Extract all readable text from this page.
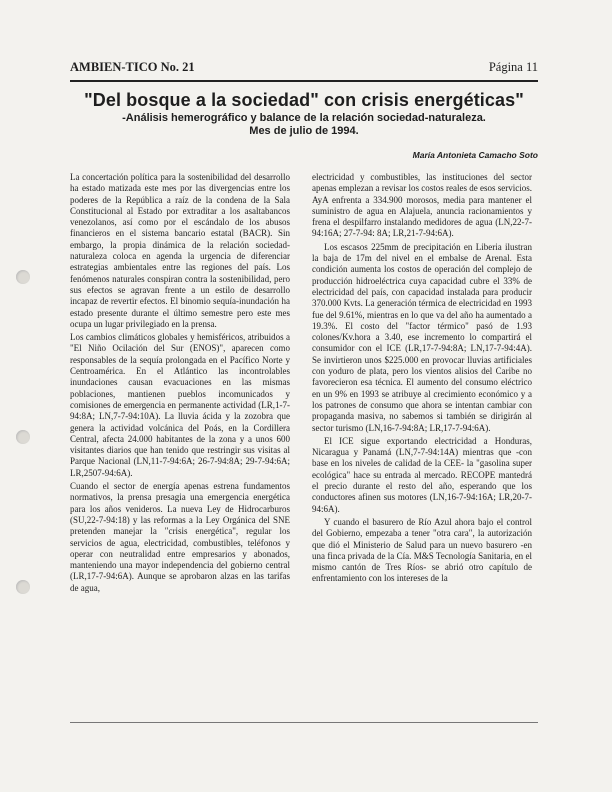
AMBIEN-TICO No. 21	Página 11
"Del bosque a la sociedad" con crisis energéticas"
-Análisis hemerográfico y balance de la relación sociedad-naturaleza.
Mes de julio de 1994.
María Antonieta Camacho Soto

La concertación política para la sostenibilidad del desarrollo ha estado matizada este mes por las divergencias entre los poderes de la República a raíz de la condena de la Sala Constitucional al Estado por extraditar a los asaltabancos venezolanos, así como por el escándalo de los abusos financieros en el sistema bancario estatal (BACR). Sin embargo, la propia dinámica de la relación sociedad-naturaleza coloca en agenda la urgencia de diferenciar estrategias ambientales entre las regiones del país. Los fenómenos naturales conspiran contra la sostenibilidad, pero sus efectos se agravan frente a un estilo de desarrollo incapaz de revertir efectos. El binomio sequía-inundación ha estado presente durante el último semestre pero este mes ocupa un lugar privilegiado en la prensa.

Los cambios climáticos globales y hemisféricos, atribuidos a "El Niño Ocilación del Sur (ENOS)", aparecen como responsables de la sequía prolongada en el Pacífico Norte y Centroamérica. En el Atlántico las incontrolables inundaciones causan evacuaciones en las mismas poblaciones, mantienen pueblos incomunicados y comisiones de emergencia en permanente actividad (LR,1-7-94:8A; LN,7-7-94:10A). La lluvia ácida y la zozobra que genera la actividad volcánica del Poás, en la Cordillera Central, afecta 24.000 habitantes de la zona y a unos 600 visitantes diarios que han tenido que restringir sus visitas al Parque Nacional (LN,11-7-94:6A; 26-7-94:8A; 29-7-94:6A; LR,2507-94:6A).

Cuando el sector de energía apenas estrena fundamentos normativos, la prensa presagia una emergencia energética para los años venideros. La nueva Ley de Hidrocarburos (SU,22-7-94:18) y las reformas a la Ley Orgánica del SNE pretenden manejar la "crisis energética", regular los servicios de agua, electricidad, combustibles, teléfonos y operar con neutralidad entre empresarios y abonados, manteniendo una mayor independencia del gobierno central (LR,17-7-94:6A). Aunque se aprobaron alzas en las tarifas de agua,

electricidad y combustibles, las instituciones del sector apenas emplezan a revisar los costos reales de esos servicios. AyA enfrenta a 334.900 morosos, media para mantener el suministro de agua en Alajuela, anuncia racionamientos y frena el despilfarro instalando medidores de agua (LN,22-7-94:16A; 27-7-94: 8A; LR,21-7-94:6A).

Los escasos 225mm de precipitación en Liberia ilustran la baja de 17m del nivel en el embalse de Arenal. Esta condición aumenta los costos de operación del complejo de producción hidroeléctrica cuya capacidad cubre el 33% de electricidad del país, con capacidad instalada para producir 370.000 Kvts. La generación térmica de electricidad en 1993 fue del 9.61%, mientras en lo que va del año ha aumentado a 19.3%. El costo del "factor térmico" pasó de 1.93 colones/Kv.hora a 3.40, ese incremento lo compartirá el consumidor con el ICE (LR,17-7-94:8A; LN,17-7-94:4A). Se invirtieron unos $225.000 en provocar lluvias artificiales con yoduro de plata, pero los vientos alisios del Caribe no favorecieron esa técnica. El aumento del consumo eléctrico en un 9% en 1993 se atribuye al crecimiento económico y a los patrones de consumo que ahora se intentan cambiar con propaganda masiva, no sabemos si también se dirigirán al sector turismo (LN,16-7-94:8A; LR,17-7-94:6A).

El ICE sigue exportando electricidad a Honduras, Nicaragua y Panamá (LN,7-7-94:14A) mientras que -con base en los niveles de calidad de la CEE- la "gasolina super ecológica" hace su entrada al mercado. RECOPE mantedrá el precio durante el resto del año, esperando que los conductores afinen sus motores (LN,16-7-94:16A; LR,20-7-94:6A).

Y cuando el basurero de Río Azul ahora bajo el control del Gobierno, empezaba a tener "otra cara", la autorización que dió el Ministerio de Salud para un nuevo basurero -en una finca privada de la Cía. M&S Tecnología Sanitaria, en el mismo cantón de Tres Ríos- se abrió otro capítulo de enfrentamiento con los intereses de la
